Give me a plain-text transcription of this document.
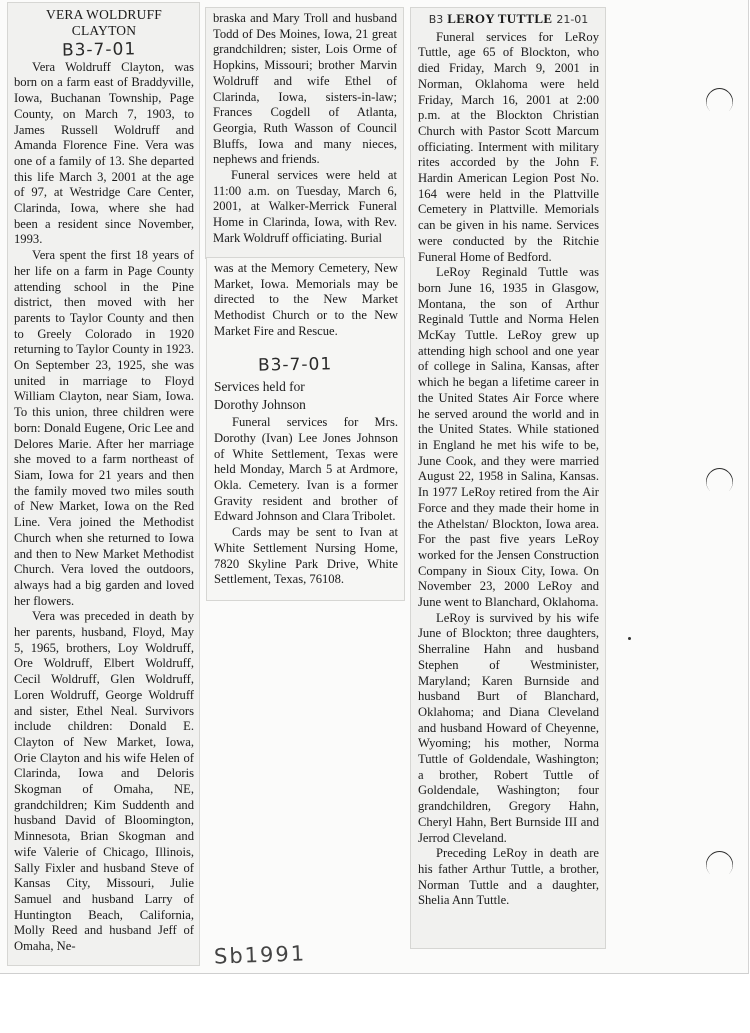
VERA WOLDRUFF
CLAYTON
B3-7-01

Vera Woldruff Clayton, was born on a farm east of Braddyville, Iowa, Buchanan Township, Page County, on March 7, 1903, to James Russell Woldruff and Amanda Florence Fine. Vera was one of a family of 13. She departed this life March 3, 2001 at the age of 97, at Westridge Care Center, Clarinda, Iowa, where she had been a resident since November, 1993.

Vera spent the first 18 years of her life on a farm in Page County attending school in the Pine district, then moved with her parents to Taylor County and then to Greely Colorado in 1920 returning to Taylor County in 1923. On September 23, 1925, she was united in marriage to Floyd William Clayton, near Siam, Iowa. To this union, three children were born: Donald Eugene, Oric Lee and Delores Marie. After her marriage she moved to a farm northeast of Siam, Iowa for 21 years and then the family moved two miles south of New Market, Iowa on the Red Line. Vera joined the Methodist Church when she returned to Iowa and then to New Market Methodist Church. Vera loved the outdoors, always had a big garden and loved her flowers.

Vera was preceded in death by her parents, husband, Floyd, May 5, 1965, brothers, Loy Woldruff, Ore Woldruff, Elbert Woldruff, Cecil Woldruff, Glen Woldruff, Loren Woldruff, George Woldruff and sister, Ethel Neal. Survivors include children: Donald E. Clayton of New Market, Iowa, Orie Clayton and his wife Helen of Clarinda, Iowa and Deloris Skogman of Omaha, NE, grandchildren; Kim Suddenth and husband David of Bloomington, Minnesota, Brian Skogman and wife Valerie of Chicago, Illinois, Sally Fixler and husband Steve of Kansas City, Missouri, Julie Samuel and husband Larry of Huntington Beach, California, Molly Reed and husband Jeff of Omaha, Ne-

braska and Mary Troll and husband Todd of Des Moines, Iowa, 21 great grandchildren; sister, Lois Orme of Hopkins, Missouri; brother Marvin Woldruff and wife Ethel of Clarinda, Iowa, sisters-in-law; Frances Cogdell of Atlanta, Georgia, Ruth Wasson of Council Bluffs, Iowa and many nieces, nephews and friends.

Funeral services were held at 11:00 a.m. on Tuesday, March 6, 2001, at Walker-Merrick Funeral Home in Clarinda, Iowa, with Rev. Mark Woldruff officiating. Burial

was at the Memory Cemetery, New Market, Iowa. Memorials may be directed to the New Market Methodist Church or to the New Market Fire and Rescue.

B3-7-01
Services held for
Dorothy Johnson

Funeral services for Mrs. Dorothy (Ivan) Lee Jones Johnson of White Settlement, Texas were held Monday, March 5 at Ardmore, Okla. Cemetery. Ivan is a former Gravity resident and brother of Edward Johnson and Clara Tribolet.

Cards may be sent to Ivan at White Settlement Nursing Home, 7820 Skyline Park Drive, White Settlement, Texas, 76108.

B3 LEROY TUTTLE 21-01

Funeral services for LeRoy Tuttle, age 65 of Blockton, who died Friday, March 9, 2001 in Norman, Oklahoma were held Friday, March 16, 2001 at 2:00 p.m. at the Blockton Christian Church with Pastor Scott Marcum officiating. Interment with military rites accorded by the John F. Hardin American Legion Post No. 164 were held in the Plattville Cemetery in Plattville. Memorials can be given in his name. Services were conducted by the Ritchie Funeral Home of Bedford.

LeRoy Reginald Tuttle was born June 16, 1935 in Glasgow, Montana, the son of Arthur Reginald Tuttle and Norma Helen McKay Tuttle. LeRoy grew up attending high school and one year of college in Salina, Kansas, after which he began a lifetime career in the United States Air Force where he served around the world and in the United States. While stationed in England he met his wife to be, June Cook, and they were married August 22, 1958 in Salina, Kansas. In 1977 LeRoy retired from the Air Force and they made their home in the Athelstan/ Blockton, Iowa area. For the past five years LeRoy worked for the Jensen Construction Company in Sioux City, Iowa. On November 23, 2000 LeRoy and June went to Blanchard, Oklahoma.

LeRoy is survived by his wife June of Blockton; three daughters, Sherraline Hahn and husband Stephen of Westminister, Maryland; Karen Burnside and husband Burt of Blanchard, Oklahoma; and Diana Cleveland and husband Howard of Cheyenne, Wyoming; his mother, Norma Tuttle of Goldendale, Washington; a brother, Robert Tuttle of Goldendale, Washington; four grandchildren, Gregory Hahn, Cheryl Hahn, Bert Burnside III and Jerrod Cleveland.

Preceding LeRoy in death are his father Arthur Tuttle, a brother, Norman Tuttle and a daughter, Shelia Ann Tuttle.

Sb1991
